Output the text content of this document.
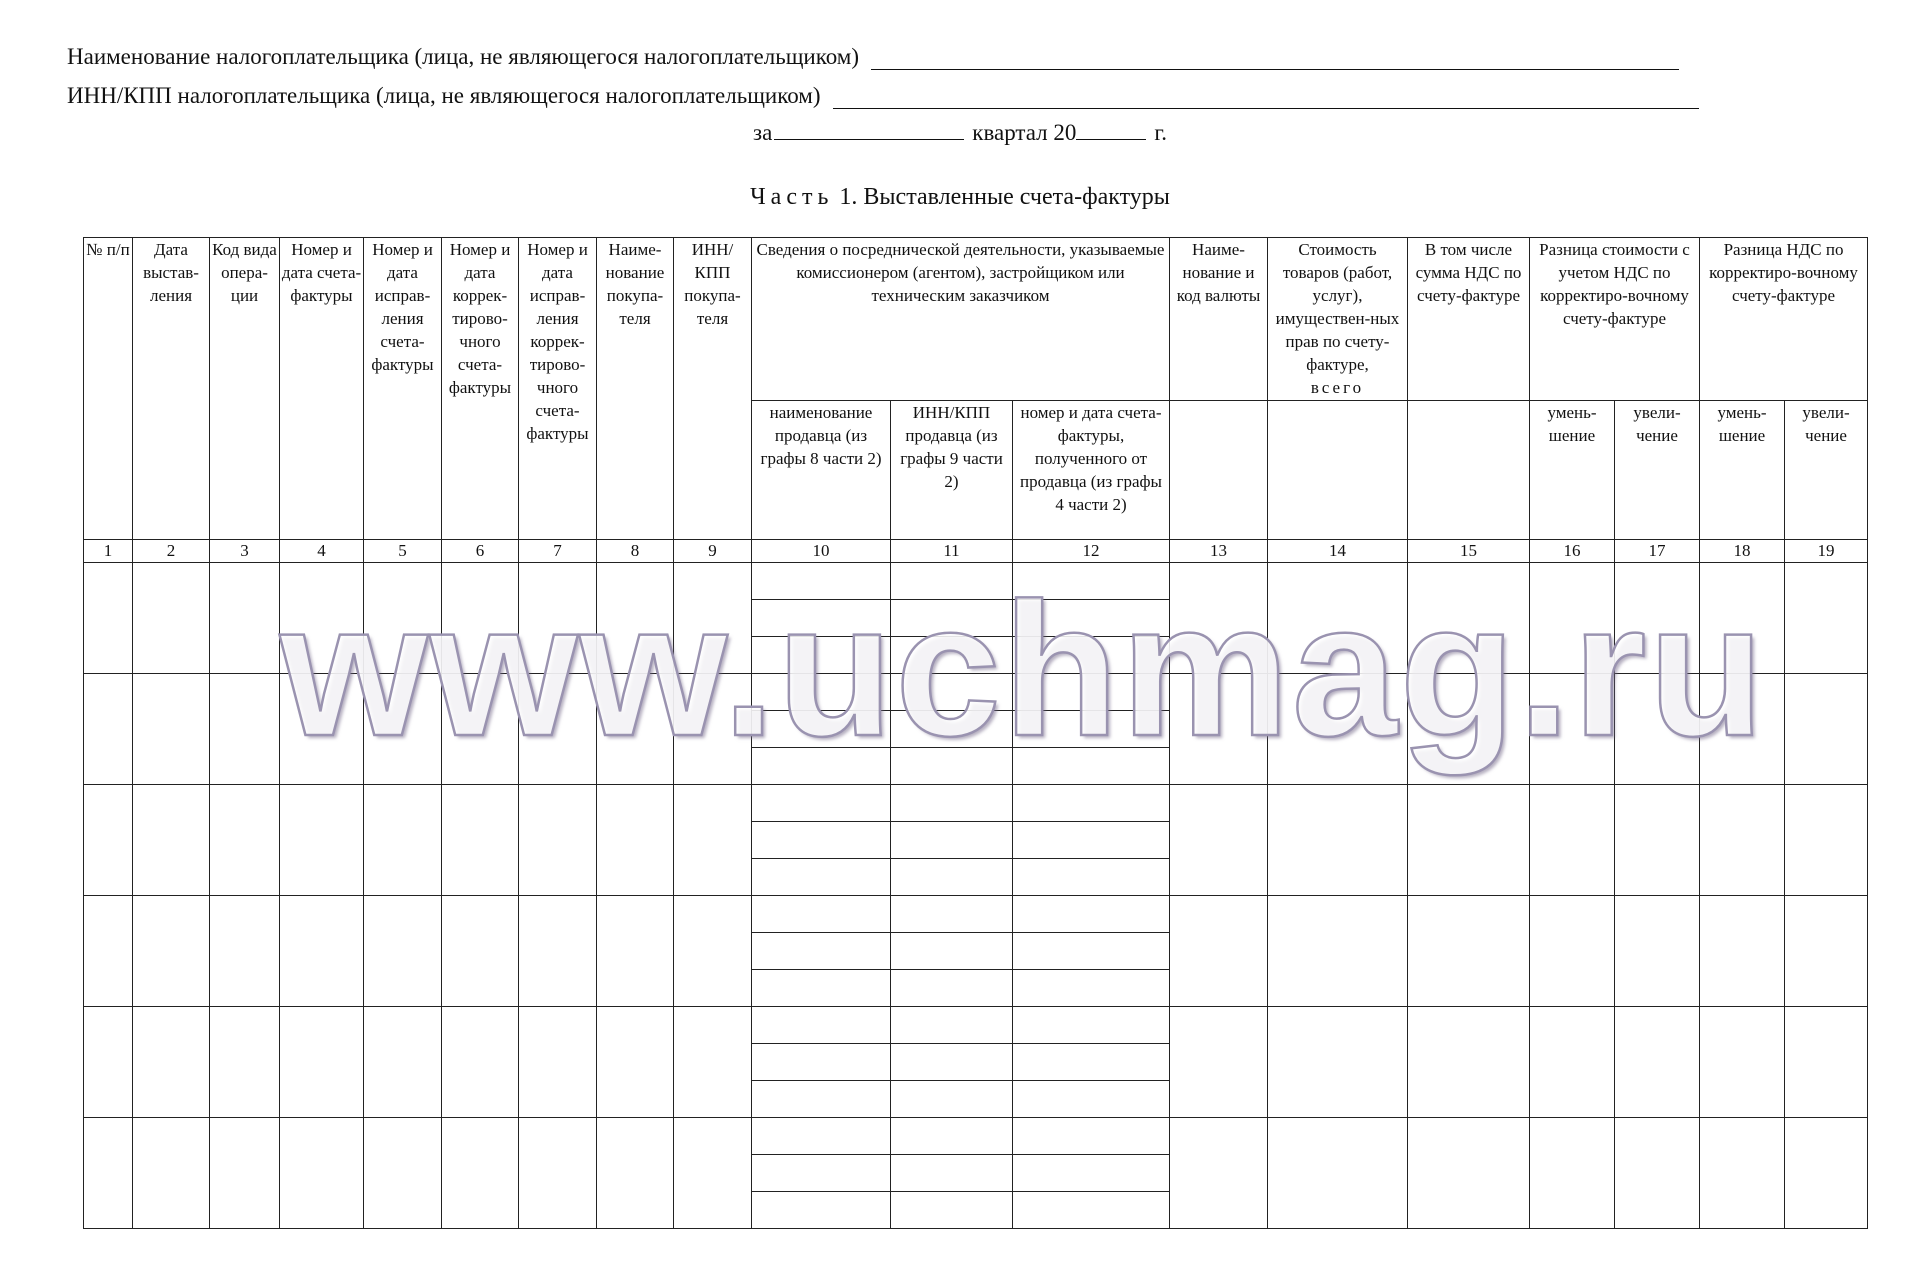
Наименование налогоплательщика (лица, не являющегося налогоплательщиком)
ИНН/КПП налогоплательщика (лица, не являющегося налогоплательщиком)
за	квартал 20	г.
Часть 1. Выставленные счета-фактуры
№ п/п	Дата выстав-ления	Код вида опера-ции	Номер и дата счета-фактуры	Номер и дата исправ-ления счета-фактуры	Номер и дата коррек-тирово-чного счета-фактуры	Номер и дата исправ-ления коррек-тирово-чного счета-фактуры	Наиме-нование покупа-теля	ИНН/ КПП покупа-теля	Сведения о посреднической деятельности, указываемые комиссионером (агентом), застройщиком или техническим заказчиком			Наиме-нование и код валюты	Стоимость товаров (работ, услуг), имуществен-ных прав по счету-фактуре,
всего	В том числе сумма НДС по счету-фактуре	Разница стоимости с учетом НДС по корректиро-вочному счету-фактуре		Разница НДС по корректиро-вочному счету-фактуре	
									наименование продавца (из графы 8 части 2)	ИНН/КПП продавца (из графы 9 части 2)	номер и дата счета-фактуры, полученного от продавца (из графы 4 части 2)				умень-шение	увели-чение	умень-шение	увели-чение
1	2	3	4	5	6	7	8	9	10	11	12	13	14	15	16	17	18	19

www.uchmag.ru
